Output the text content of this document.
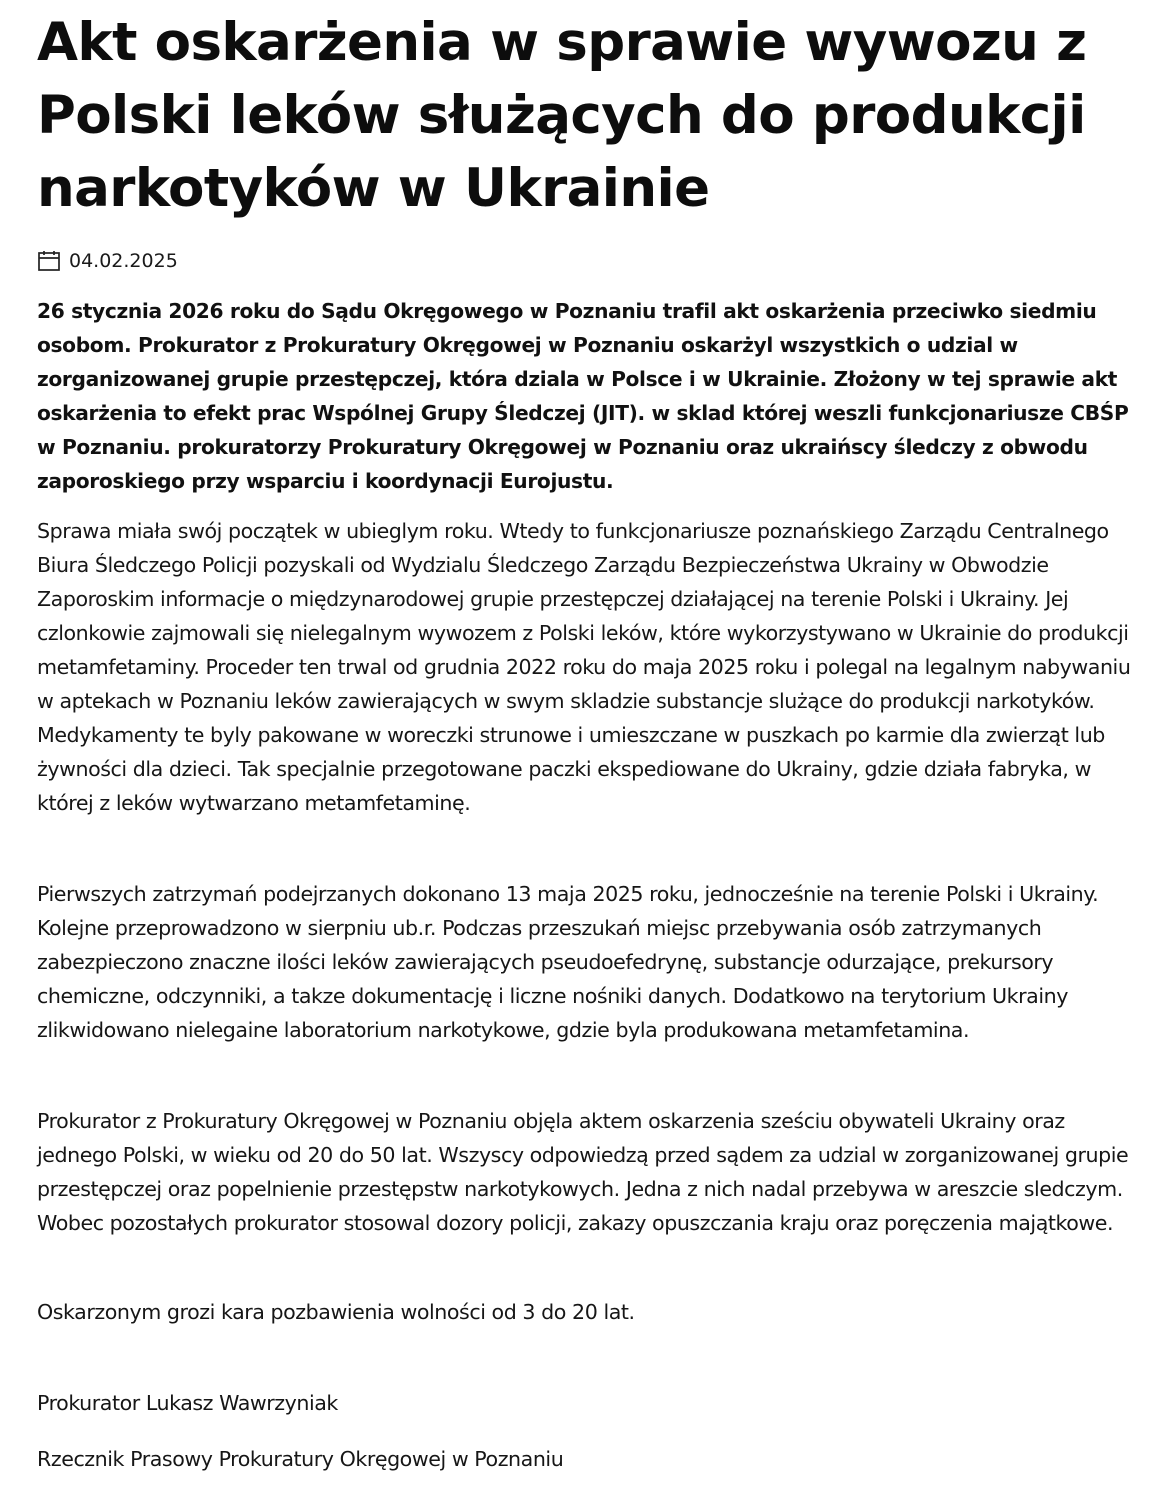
Akt oskarżenia w sprawie wywozu z Polski leków służących do produkcji narkotyków w Ukrainie
04.02.2025

26 stycznia 2026 roku do Sądu Okręgowego w Poznaniu trafil akt oskarżenia przeciwko siedmiu osobom. Prokurator z Prokuratury Okręgowej w Poznaniu oskarżyl wszystkich o udzial w zorganizowanej grupie przestępczej, która dziala w Polsce i w Ukrainie. Złożony w tej sprawie akt oskarżenia to efekt prac Wspólnej Grupy Śledczej (JIT). w sklad której weszli funkcjonariusze CBŚP w Poznaniu. prokuratorzy Prokuratury Okręgowej w Poznaniu oraz ukraińscy śledczy z obwodu zaporoskiego przy wsparciu i koordynacji Eurojustu.

Sprawa miała swój początek w ubieglym roku. Wtedy to funkcjonariusze poznańskiego Zarządu Centralnego Biura Śledczego Policji pozyskali od Wydzialu Śledczego Zarządu Bezpieczeństwa Ukrainy w Obwodzie Zaporoskim informacje o międzynarodowej grupie przestępczej działającej na terenie Polski i Ukrainy. Jej czlonkowie zajmowali się nielegalnym wywozem z Polski leków, które wykorzystywano w Ukrainie do produkcji metamfetaminy. Proceder ten trwal od grudnia 2022 roku do maja 2025 roku i polegal na legalnym nabywaniu w aptekach w Poznaniu leków zawierających w swym skladzie substancje slużące do produkcji narkotyków. Medykamenty te byly pakowane w woreczki strunowe i umieszczane w puszkach po karmie dla zwierząt lub żywności dla dzieci. Tak specjalnie przegotowane paczki ekspediowane do Ukrainy, gdzie działa fabryka, w której z leków wytwarzano metamfetaminę.

Pierwszych zatrzymań podejrzanych dokonano 13 maja 2025 roku, jednocześnie na terenie Polski i Ukrainy. Kolejne przeprowadzono w sierpniu ub.r. Podczas przeszukań miejsc przebywania osób zatrzymanych zabezpieczono znaczne ilości leków zawierających pseudoefedrynę, substancje odurzające, prekursory chemiczne, odczynniki, a takze dokumentację i liczne nośniki danych. Dodatkowo na terytorium Ukrainy zlikwidowano nielegaine laboratorium narkotykowe, gdzie byla produkowana metamfetamina.

Prokurator z Prokuratury Okręgowej w Poznaniu objęla aktem oskarzenia sześciu obywateli Ukrainy oraz jednego Polski, w wieku od 20 do 50 lat. Wszyscy odpowiedzą przed sądem za udzial w zorganizowanej grupie przestępczej oraz popelnienie przestępstw narkotykowych. Jedna z nich nadal przebywa w areszcie sledczym. Wobec pozostałych prokurator stosowal dozory policji, zakazy opuszczania kraju oraz poręczenia majątkowe.

Oskarzonym grozi kara pozbawienia wolności od 3 do 20 lat.

Prokurator Lukasz Wawrzyniak

Rzecznik Prasowy Prokuratury Okręgowej w Poznaniu
